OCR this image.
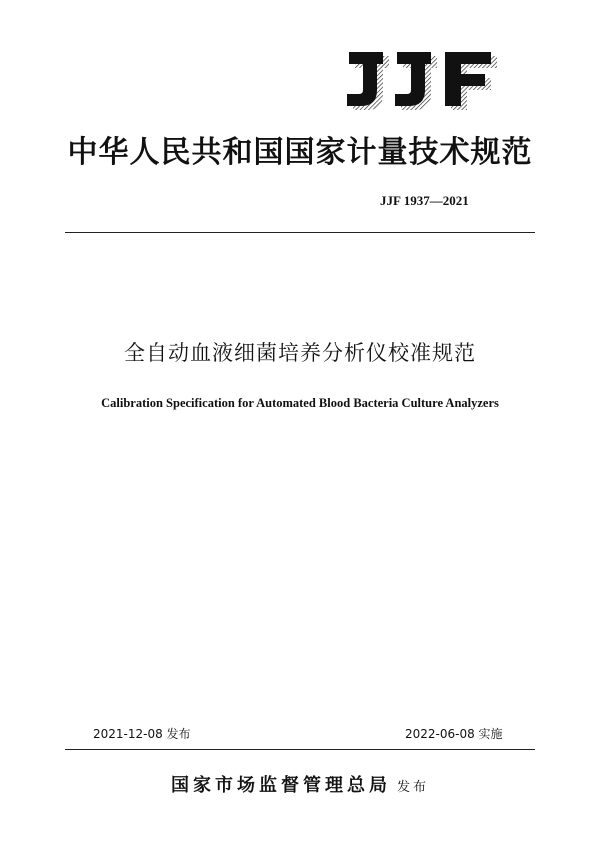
中华人民共和国国家计量技术规范
JJF 1937—2021
全自动血液细菌培养分析仪校准规范
Calibration Specification for Automated Blood Bacteria Culture Analyzers
2021-12-08 发布	2022-06-08 实施
国家市场监督管理总局 发布
